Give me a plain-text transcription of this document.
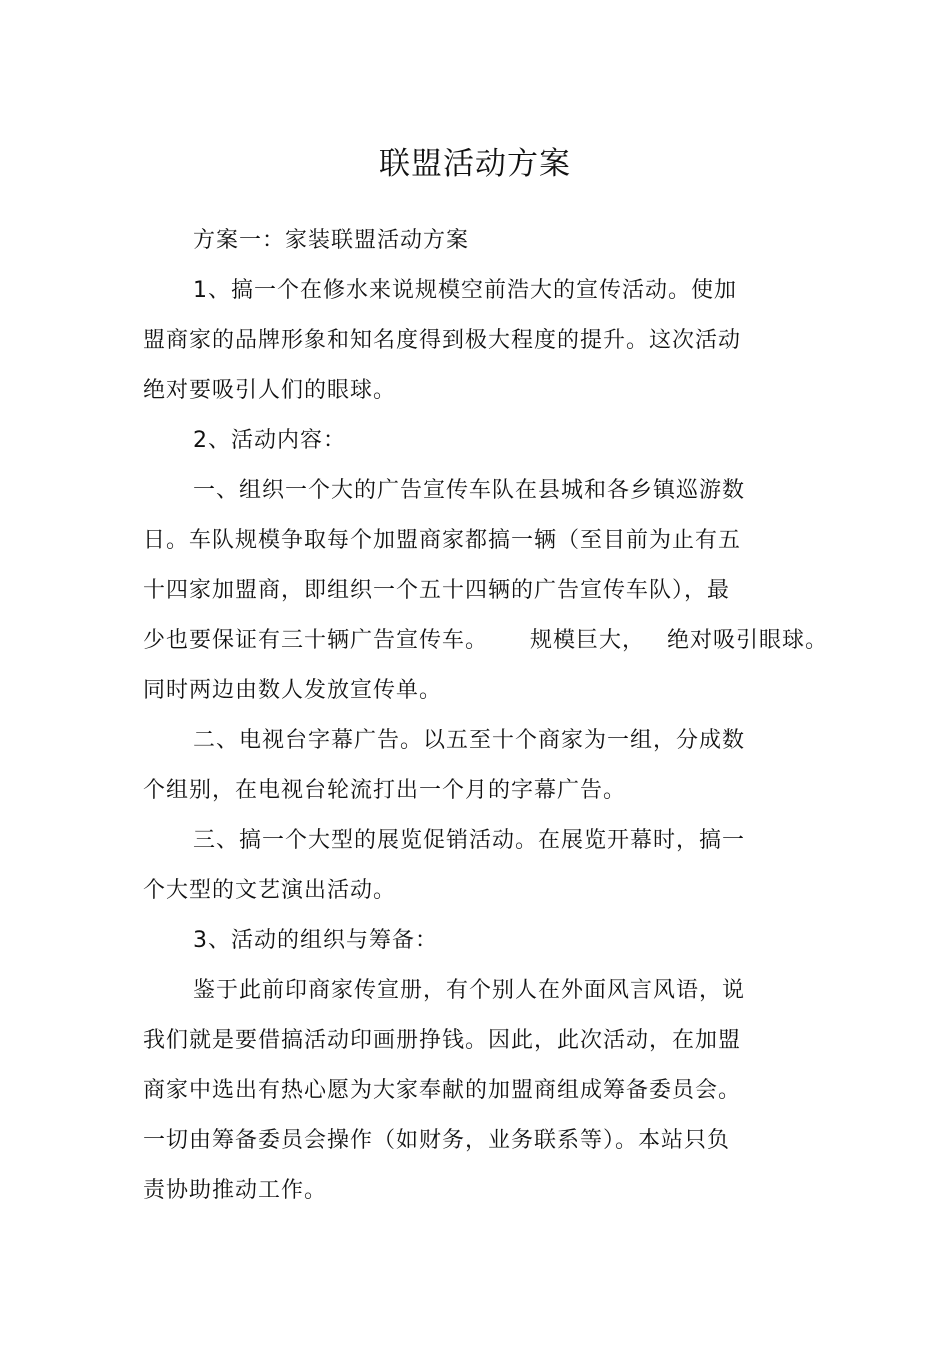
联盟活动方案
方案一：家装联盟活动方案
1、搞一个在修水来说规模空前浩大的宣传活动。使加
盟商家的品牌形象和知名度得到极大程度的提升。这次活动
绝对要吸引人们的眼球。
2、活动内容：
一、组织一个大的广告宣传车队在县城和各乡镇巡游数
日。车队规模争取每个加盟商家都搞一辆（至目前为止有五
十四家加盟商，即组织一个五十四辆的广告宣传车队），最
少也要保证有三十辆广告宣传车。 规模巨大， 绝对吸引眼球。
同时两边由数人发放宣传单。
二、电视台字幕广告。以五至十个商家为一组，分成数
个组别，在电视台轮流打出一个月的字幕广告。
三、搞一个大型的展览促销活动。在展览开幕时，搞一
个大型的文艺演出活动。
3、活动的组织与筹备：
鉴于此前印商家传宣册，有个别人在外面风言风语，说
我们就是要借搞活动印画册挣钱。因此，此次活动，在加盟
商家中选出有热心愿为大家奉献的加盟商组成筹备委员会。
一切由筹备委员会操作（如财务，业务联系等）。本站只负
责协助推动工作。
